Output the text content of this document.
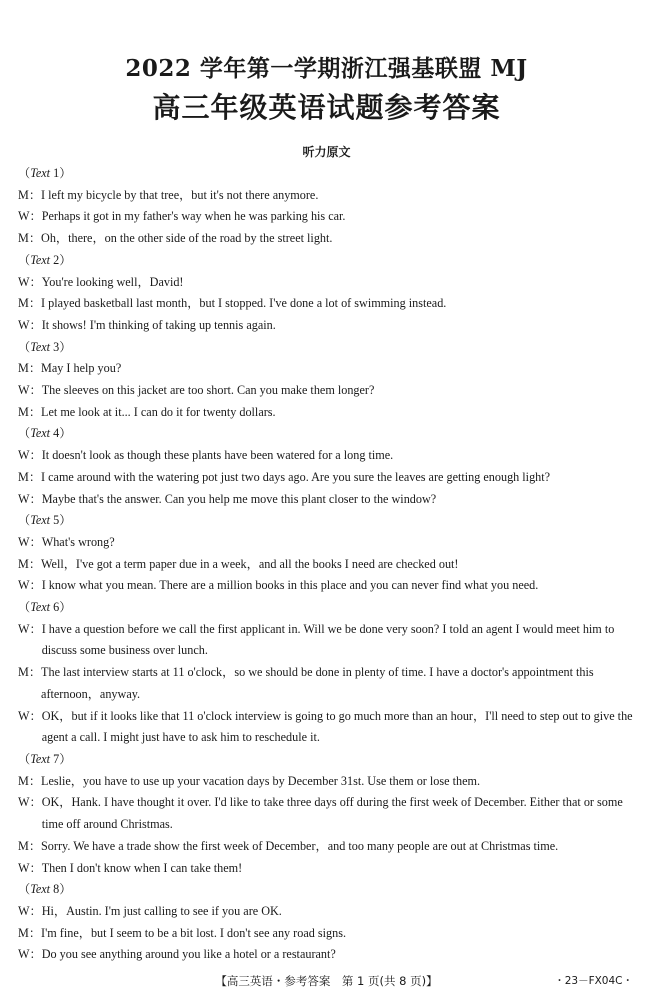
2022 学年第一学期浙江强基联盟 MJ
高三年级英语试题参考答案
听力原文
（Text 1）
M： I left my bicycle by that tree，but it's not there anymore.
W： Perhaps it got in my father's way when he was parking his car.
M： Oh，there，on the other side of the road by the street light.
（Text 2）
W： You're looking well，David!
M： I played basketball last month，but I stopped. I've done a lot of swimming instead.
W： It shows! I'm thinking of taking up tennis again.
（Text 3）
M： May I help you?
W： The sleeves on this jacket are too short. Can you make them longer?
M： Let me look at it... I can do it for twenty dollars.
（Text 4）
W： It doesn't look as though these plants have been watered for a long time.
M： I came around with the watering pot just two days ago. Are you sure the leaves are getting enough light?
W： Maybe that's the answer. Can you help me move this plant closer to the window?
（Text 5）
W： What's wrong?
M： Well，I've got a term paper due in a week，and all the books I need are checked out!
W： I know what you mean. There are a million books in this place and you can never find what you need.
（Text 6）
W： I have a question before we call the first applicant in. Will we be done very soon? I told an agent I would meet him to discuss some business over lunch.
M： The last interview starts at 11 o'clock，so we should be done in plenty of time. I have a doctor's appointment this afternoon，anyway.
W： OK，but if it looks like that 11 o'clock interview is going to go much more than an hour，I'll need to step out to give the agent a call. I might just have to ask him to reschedule it.
（Text 7）
M： Leslie，you have to use up your vacation days by December 31st. Use them or lose them.
W： OK，Hank. I have thought it over. I'd like to take three days off during the first week of December. Either that or some time off around Christmas.
M： Sorry. We have a trade show the first week of December，and too many people are out at Christmas time.
W： Then I don't know when I can take them!
（Text 8）
W： Hi，Austin. I'm just calling to see if you are OK.
M： I'm fine，but I seem to be a bit lost. I don't see any road signs.
W： Do you see anything around you like a hotel or a restaurant?
【高三英语・参考答案　第 1 页(共 8 页)】	・23－FX04C・
